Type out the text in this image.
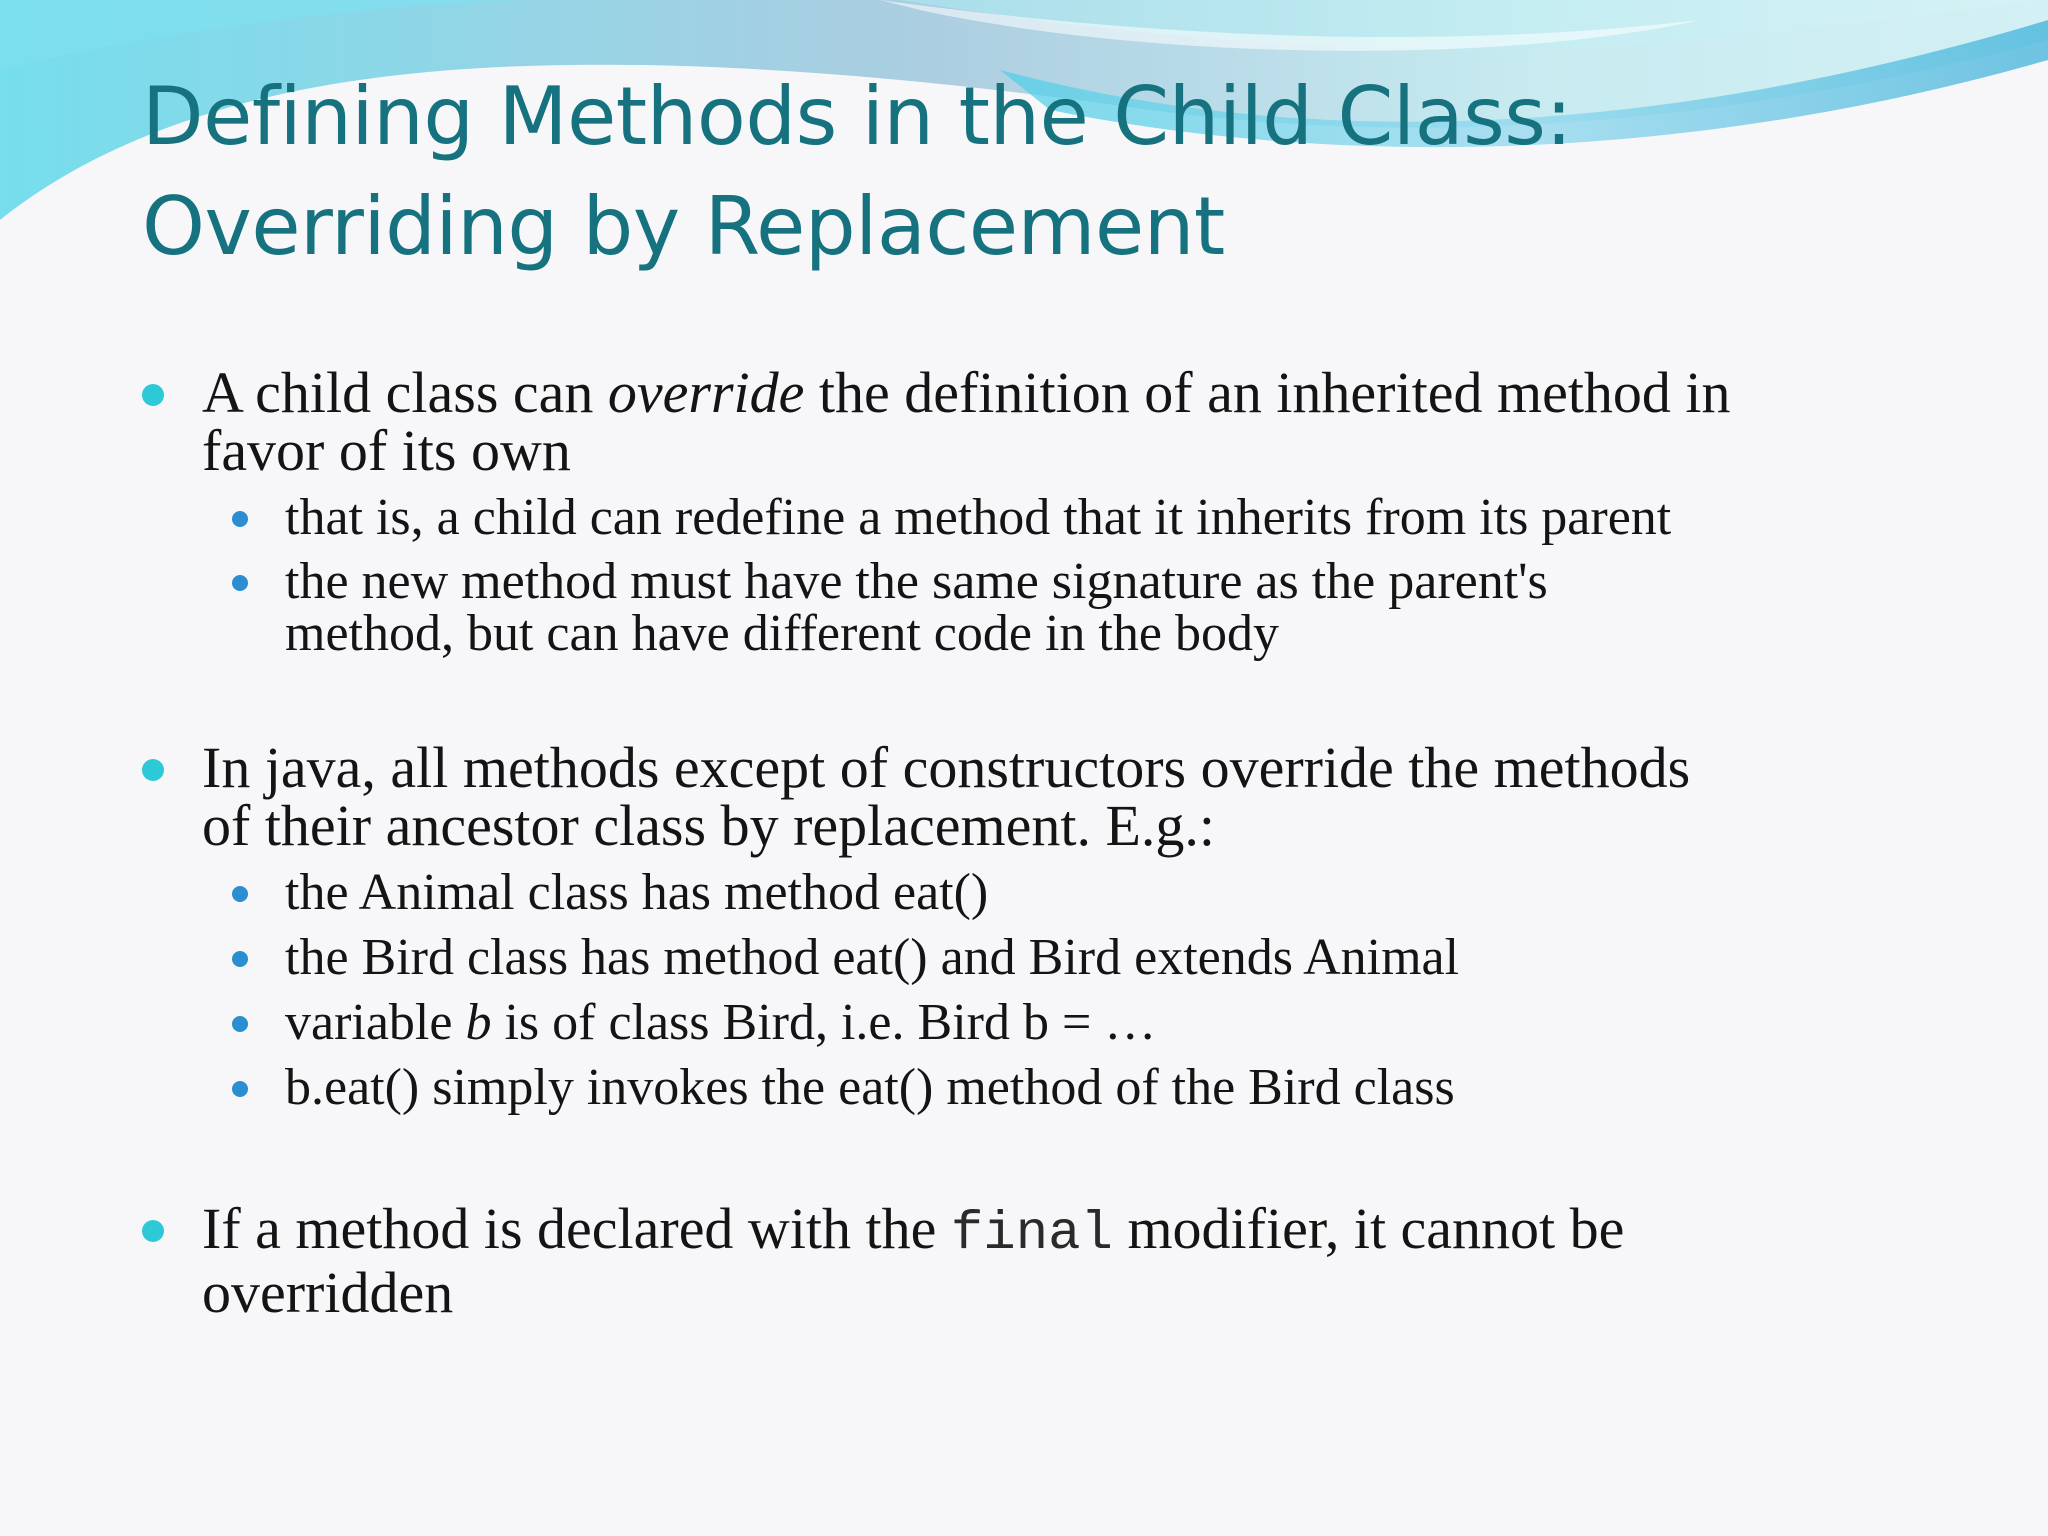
Defining Methods in the Child Class:
Overriding by Replacement
A child class can override the definition of an inherited method in
favor of its own
that is, a child can redefine a method that it inherits from its parent
the new method must have the same signature as the parent's
method, but can have different code in the body
In java, all methods except of constructors override the methods
of their ancestor class by replacement. E.g.:
the Animal class has method eat()
the Bird class has method eat() and Bird extends Animal
variable b is of class Bird, i.e. Bird b = …
b.eat() simply invokes the eat() method of the Bird class
If a method is declared with the final modifier, it cannot be
overridden
